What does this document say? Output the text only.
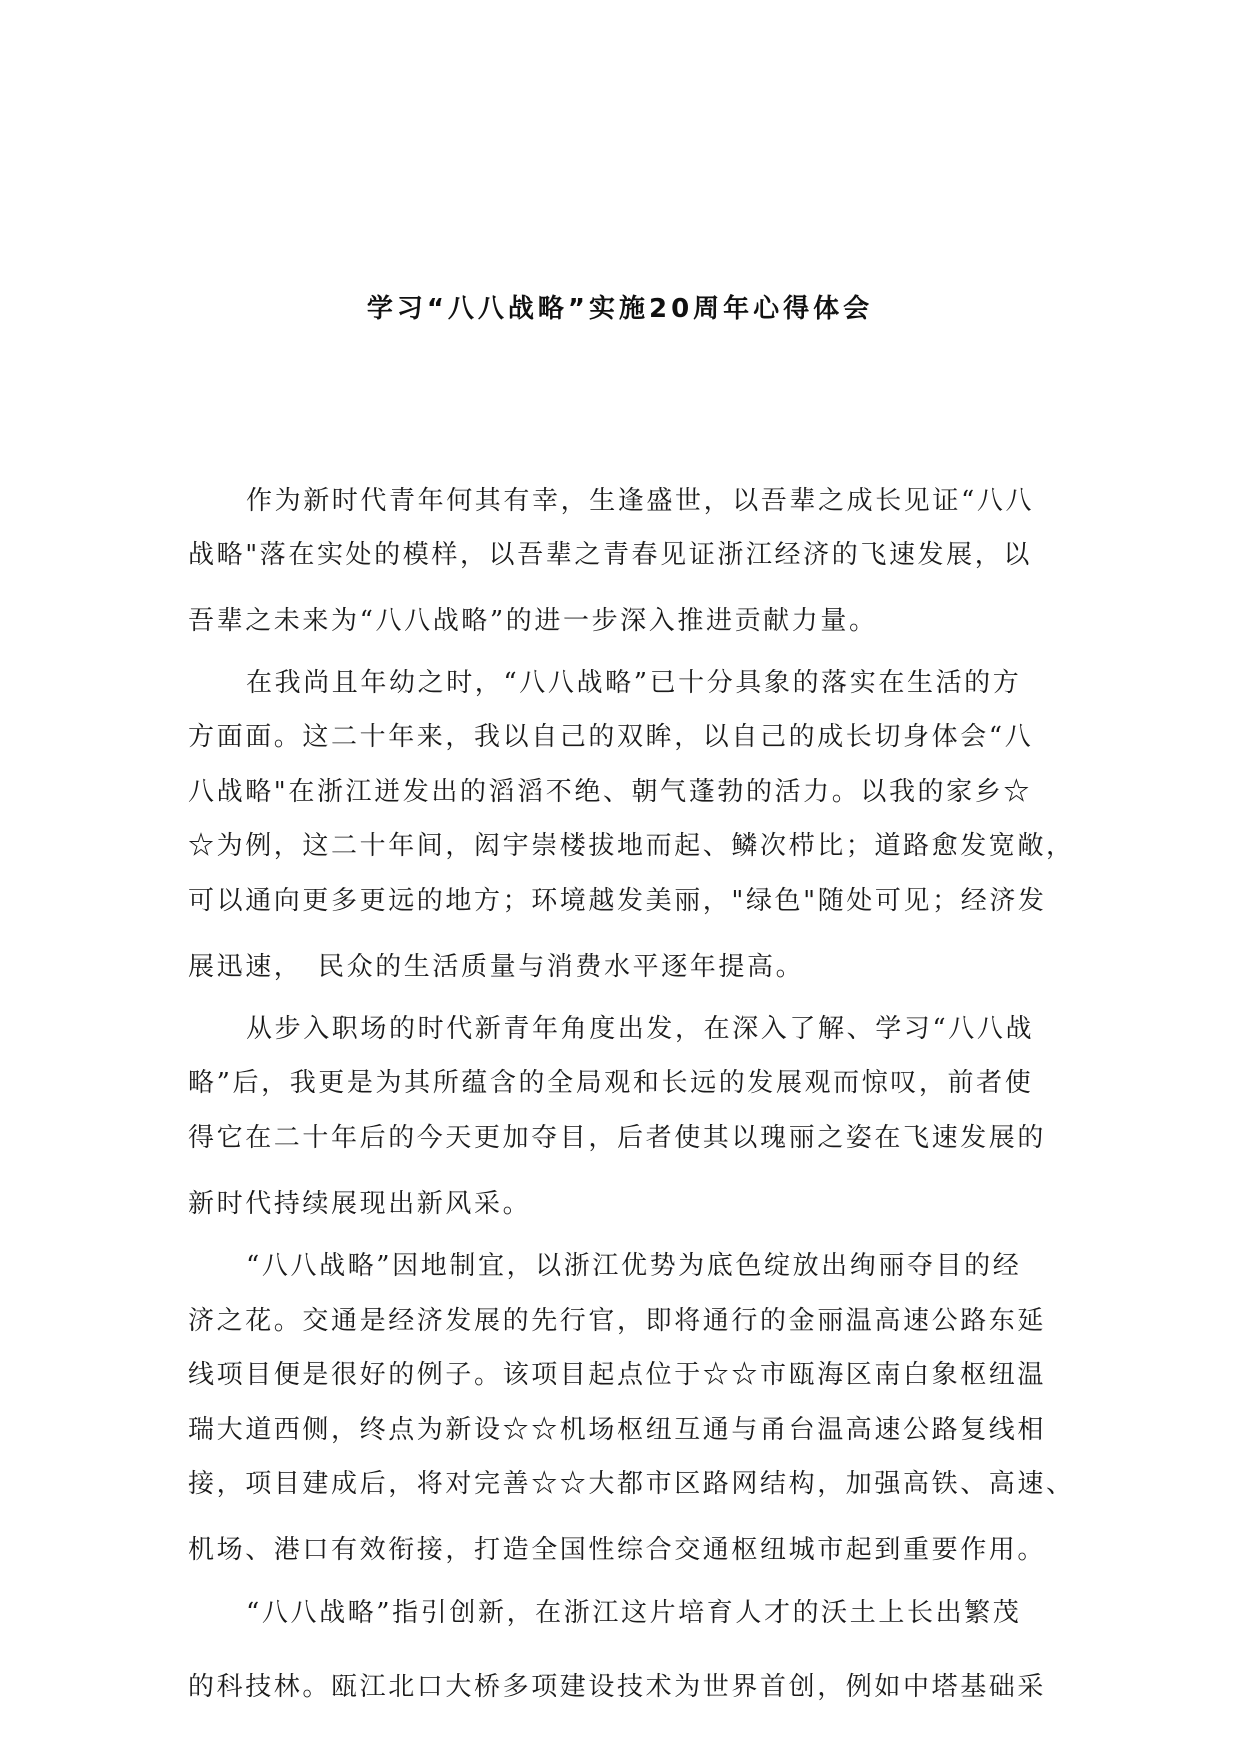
学习“八八战略”实施20周年心得体会

作为新时代青年何其有幸，生逢盛世，以吾辈之成长见证“八八

战略"落在实处的模样，以吾辈之青春见证浙江经济的飞速发展，以

吾辈之未来为“八八战略”的进一步深入推进贡献力量。

在我尚且年幼之时，“八八战略”已十分具象的落实在生活的方

方面面。这二十年来，我以自己的双眸，以自己的成长切身体会“八

八战略"在浙江迸发出的滔滔不绝、朝气蓬勃的活力。以我的家乡☆

☆为例，这二十年间，闳宇崇楼拔地而起、鳞次栉比；道路愈发宽敞，

可以通向更多更远的地方；环境越发美丽，"绿色"随处可见；经济发

展迅速，　民众的生活质量与消费水平逐年提高。

从步入职场的时代新青年角度出发，在深入了解、学习“八八战

略”后，我更是为其所蕴含的全局观和长远的发展观而惊叹，前者使

得它在二十年后的今天更加夺目，后者使其以瑰丽之姿在飞速发展的

新时代持续展现出新风采。

“八八战略”因地制宜，以浙江优势为底色绽放出绚丽夺目的经

济之花。交通是经济发展的先行官，即将通行的金丽温高速公路东延

线项目便是很好的例子。该项目起点位于☆☆市瓯海区南白象枢纽温

瑞大道西侧，终点为新设☆☆机场枢纽互通与甬台温高速公路复线相

接，项目建成后，将对完善☆☆大都市区路网结构，加强高铁、高速、

机场、港口有效衔接，打造全国性综合交通枢纽城市起到重要作用。

“八八战略”指引创新，在浙江这片培育人才的沃土上长出繁茂

的科技林。瓯江北口大桥多项建设技术为世界首创，例如中塔基础采
